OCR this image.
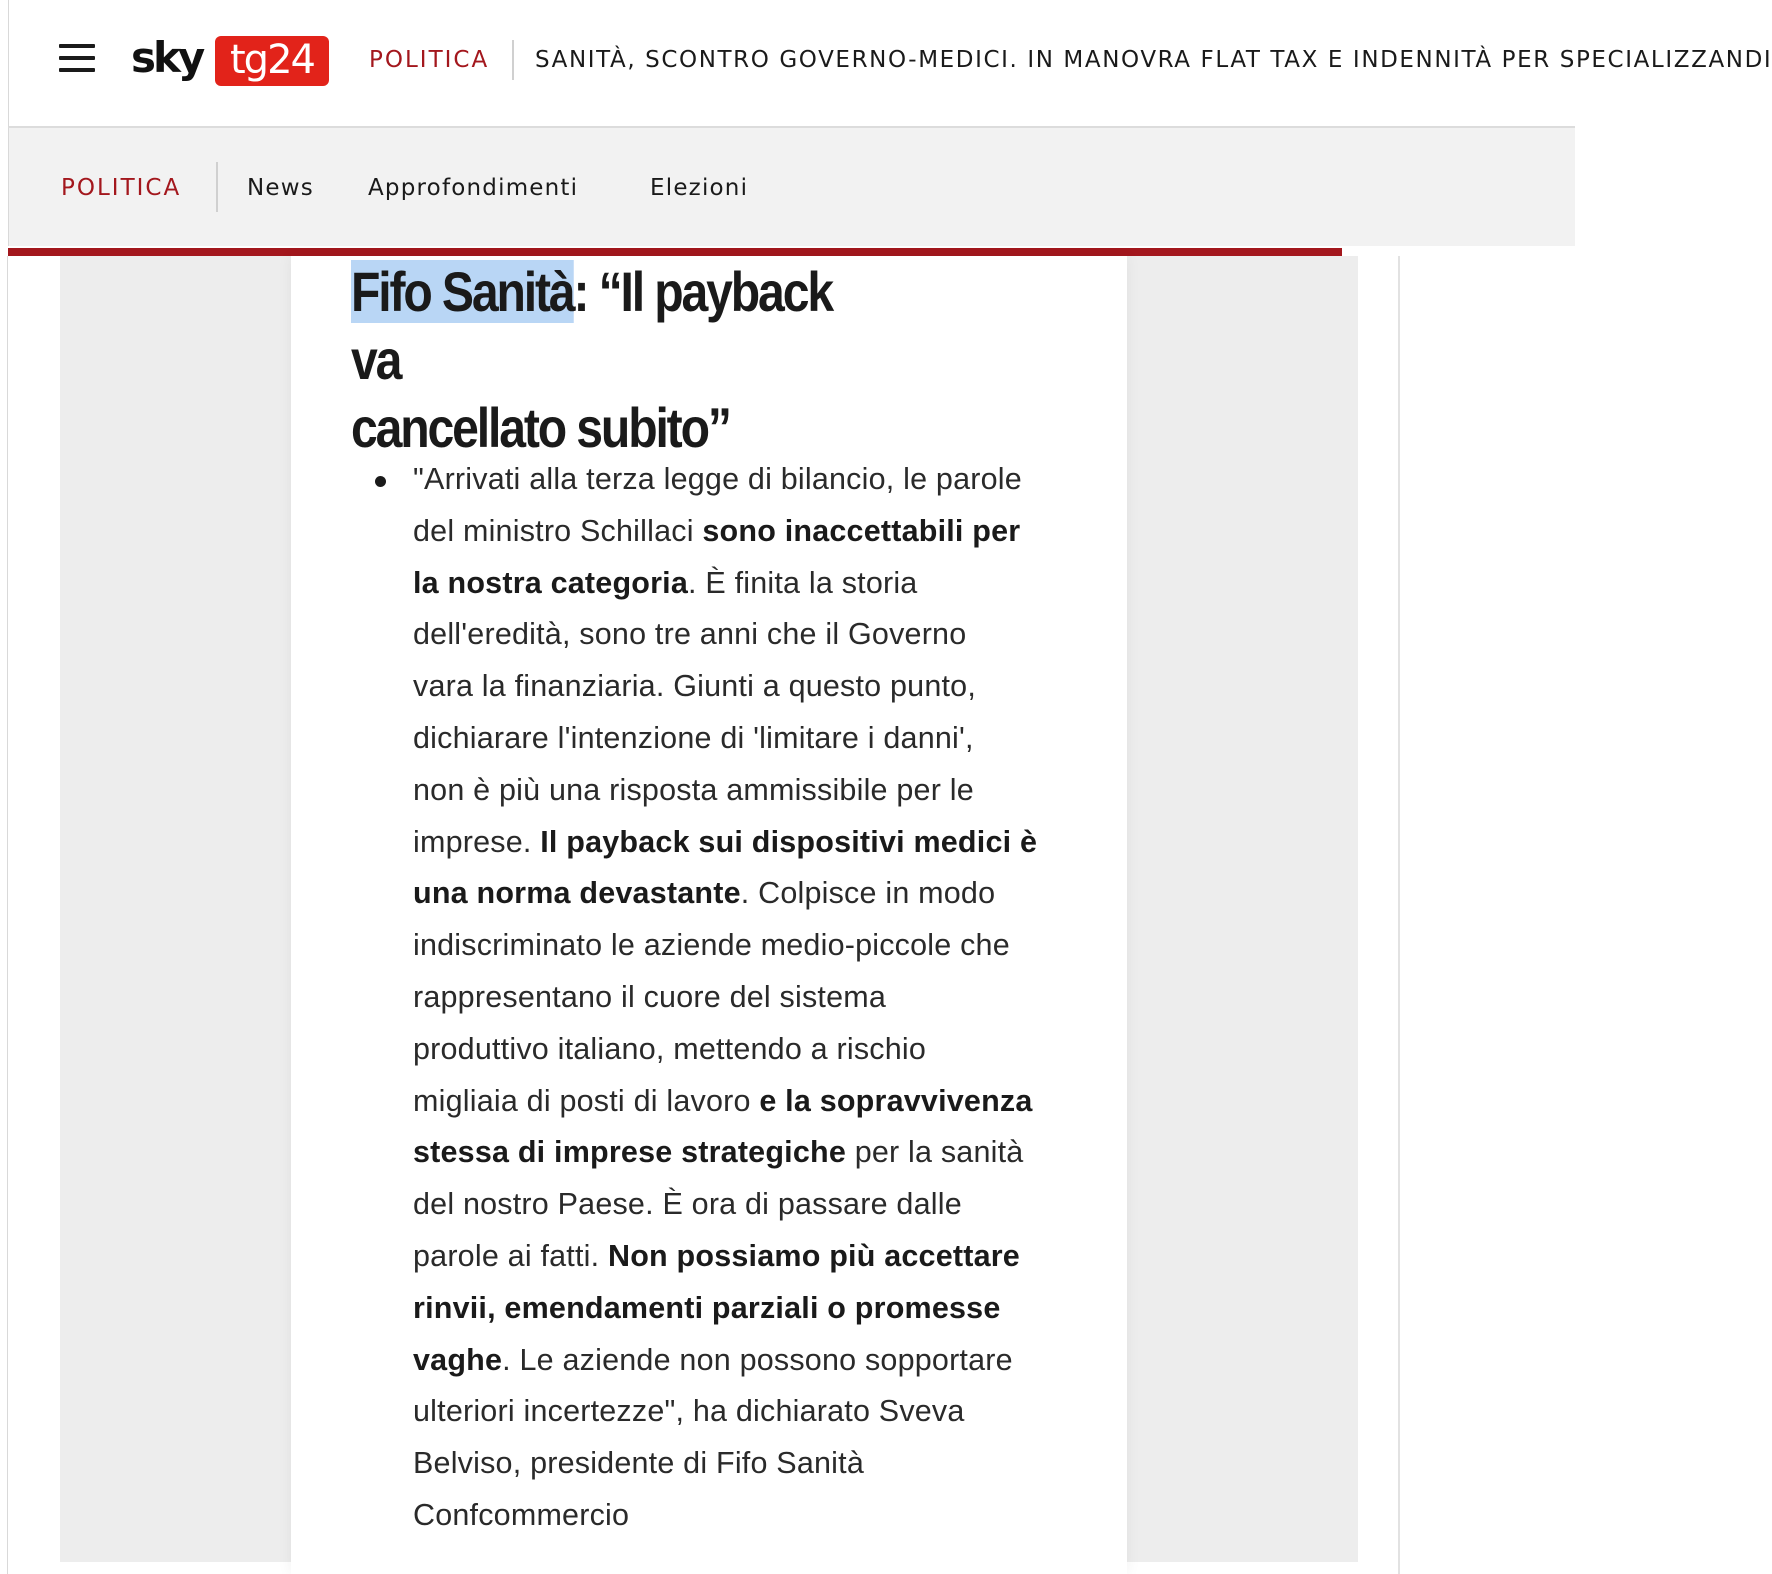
sky tg24	POLITICA SANITÀ, SCONTRO GOVERNO-MEDICI. IN MANOVRA FLAT TAX E INDENNITÀ PER SPECIALIZZANDI
POLITICA	News Approfondimenti	Elezioni
Fifo Sanità: “Il payback va
cancellato subito”
"Arrivati alla terza legge di bilancio, le parole
del ministro Schillaci sono inaccettabili per
la nostra categoria. È finita la storia
dell'eredità, sono tre anni che il Governo
vara la finanziaria. Giunti a questo punto,
dichiarare l'intenzione di 'limitare i danni',
non è più una risposta ammissibile per le
imprese. Il payback sui dispositivi medici è
una norma devastante. Colpisce in modo
indiscriminato le aziende medio-piccole che
rappresentano il cuore del sistema
produttivo italiano, mettendo a rischio
migliaia di posti di lavoro e la sopravvivenza
stessa di imprese strategiche per la sanità
del nostro Paese. È ora di passare dalle
parole ai fatti. Non possiamo più accettare
rinvii, emendamenti parziali o promesse
vaghe. Le aziende non possono sopportare
ulteriori incertezze", ha dichiarato Sveva
Belviso, presidente di Fifo Sanità
Confcommercio
